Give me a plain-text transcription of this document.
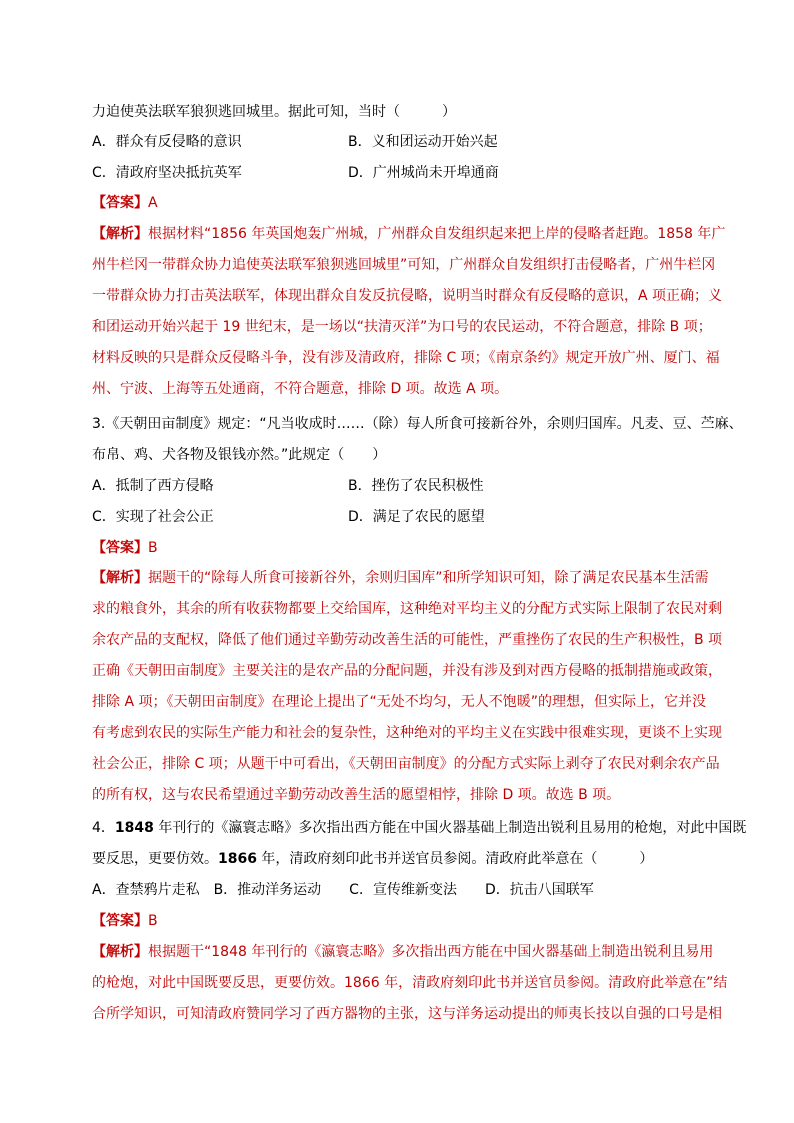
力迫使英法联军狼狈逃回城里。据此可知，当时（　　　）
A．群众有反侵略的意识	B．义和团运动开始兴起
C．清政府坚决抵抗英军	D．广州城尚未开埠通商
【答案】A
【解析】根据材料“1856 年英国炮轰广州城，广州群众自发组织起来把上岸的侵略者赶跑。1858 年广
州牛栏冈一带群众协力追使英法联军狼狈逃回城里”可知，广州群众自发组织打击侵略者，广州牛栏冈
一带群众协力打击英法联军，体现出群众自发反抗侵略，说明当时群众有反侵略的意识，A 项正确；义
和团运动开始兴起于 19 世纪末，是一场以“扶清灭洋”为口号的农民运动，不符合题意，排除 B 项；
材料反映的只是群众反侵略斗争，没有涉及清政府，排除 C 项；《南京条约》规定开放广州、厦门、福
州、宁波、上海等五处通商，不符合题意，排除 D 项。故选 A 项。
3.《天朝田亩制度》规定：“凡当收成时……（除）每人所食可接新谷外，余则归国库。凡麦、豆、苎麻、
布帛、鸡、犬各物及银钱亦然。”此规定（　　）
A．抵制了西方侵略	B．挫伤了农民积极性
C．实现了社会公正	D．满足了农民的愿望
【答案】B
【解析】据题干的“除每人所食可接新谷外，余则归国库”和所学知识可知，除了满足农民基本生活需
求的粮食外，其余的所有收获物都要上交给国库，这种绝对平均主义的分配方式实际上限制了农民对剩
余农产品的支配权，降低了他们通过辛勤劳动改善生活的可能性，严重挫伤了农民的生产积极性，B 项
正确《天朝田亩制度》主要关注的是农产品的分配问题，并没有涉及到对西方侵略的抵制措施或政策，
排除 A 项；《天朝田亩制度》在理论上提出了“无处不均匀，无人不饱暖”的理想，但实际上，它并没
有考虑到农民的实际生产能力和社会的复杂性，这种绝对的平均主义在实践中很难实现，更谈不上实现
社会公正，排除 C 项；从题干中可看出，《天朝田亩制度》的分配方式实际上剥夺了农民对剩余农产品
的所有权，这与农民希望通过辛勤劳动改善生活的愿望相悖，排除 D 项。故选 B 项。
4．1848 年刊行的《瀛寰志略》多次指出西方能在中国火器基础上制造出锐利且易用的枪炮，对此中国既
要反思，更要仿效。1866 年，清政府刻印此书并送官员参阅。清政府此举意在（　　　）
A．查禁鸦片走私　B．推动洋务运动　　C．宣传维新变法　　D．抗击八国联军
【答案】B
【解析】根据题干“1848 年刊行的《瀛寰志略》多次指出西方能在中国火器基础上制造出锐利且易用
的枪炮，对此中国既要反思，更要仿效。1866 年，清政府刻印此书并送官员参阅。清政府此举意在”结
合所学知识，可知清政府赞同学习了西方器物的主张，这与洋务运动提出的师夷长技以自强的口号是相
